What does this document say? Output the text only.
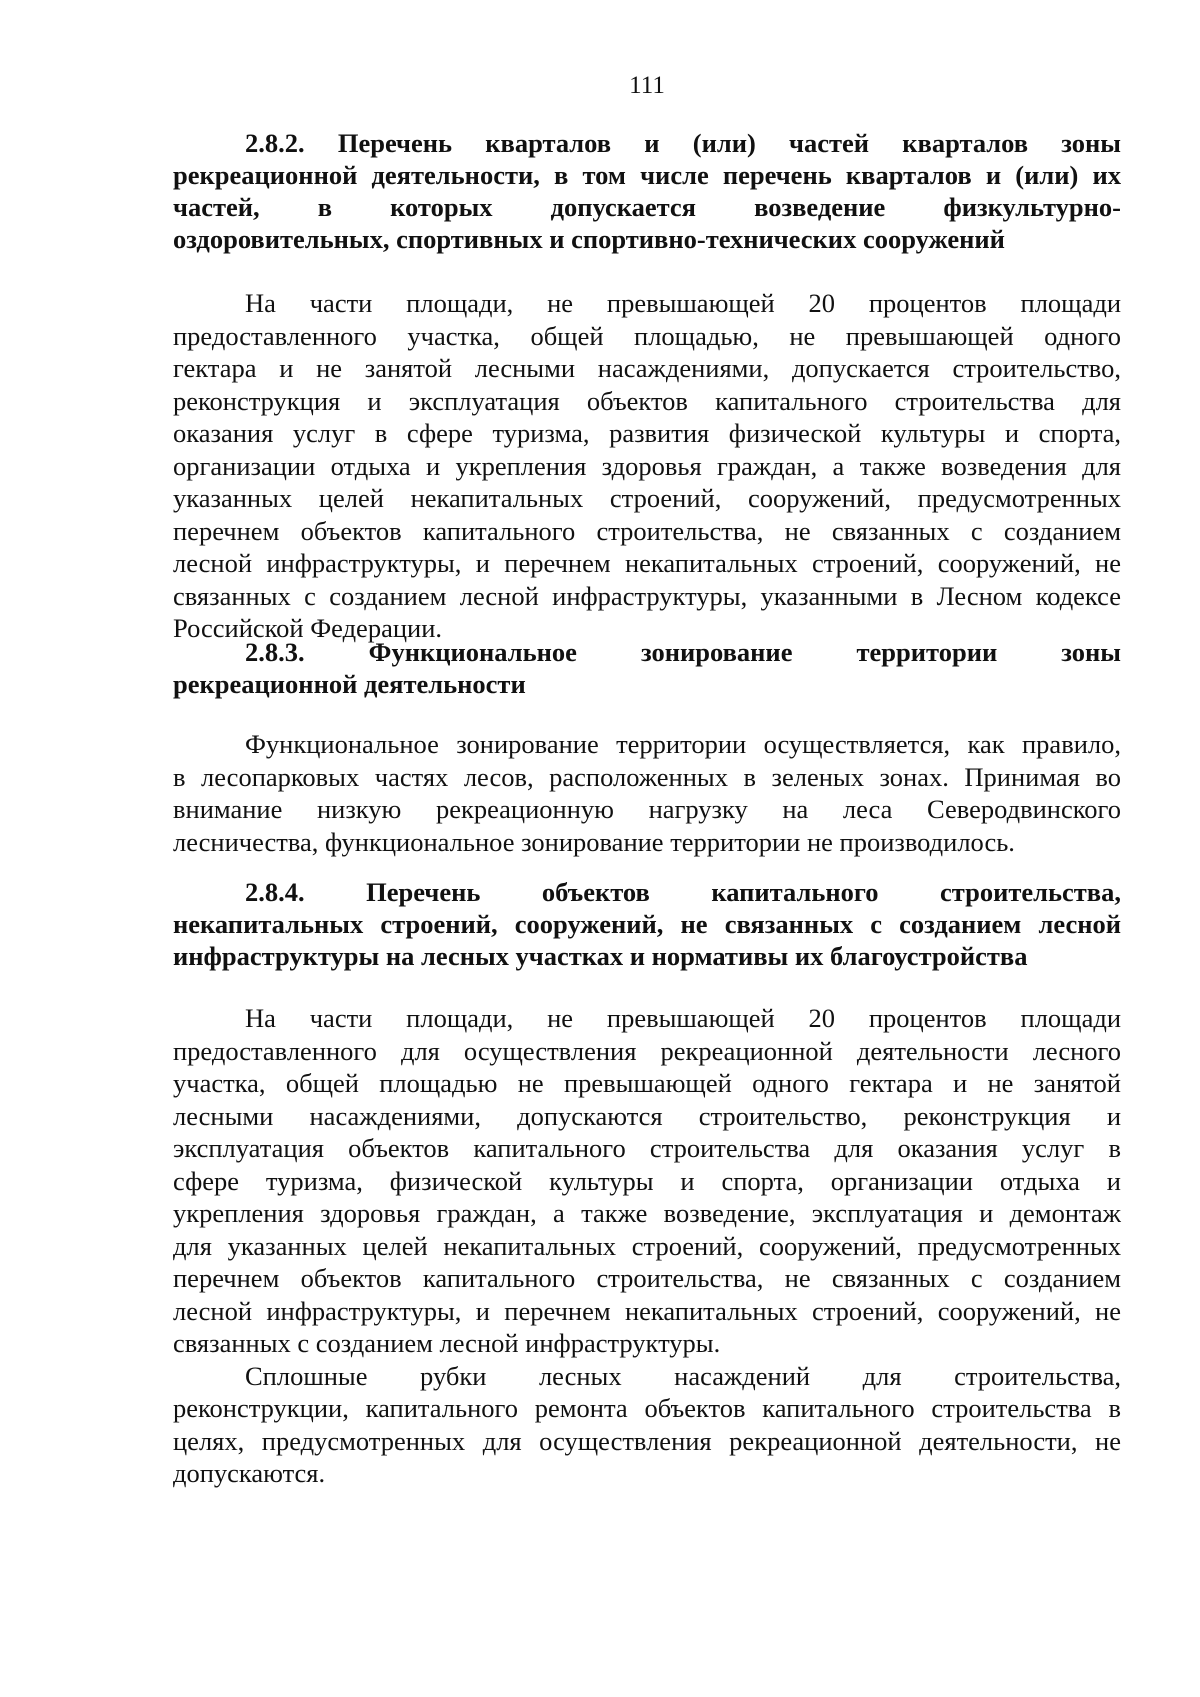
111
2.8.2. Перечень кварталов и (или) частей кварталов зоны
рекреационной деятельности, в том числе перечень кварталов и (или) их
частей, в которых допускается возведение физкультурно-
оздоровительных, спортивных и спортивно-технических сооружений
На части площади, не превышающей 20 процентов площади
предоставленного участка, общей площадью, не превышающей одного
гектара и не занятой лесными насаждениями, допускается строительство,
реконструкция и эксплуатация объектов капитального строительства для
оказания услуг в сфере туризма, развития физической культуры и спорта,
организации отдыха и укрепления здоровья граждан, а также возведения для
указанных целей некапитальных строений, сооружений, предусмотренных
перечнем объектов капитального строительства, не связанных с созданием
лесной инфраструктуры, и перечнем некапитальных строений, сооружений, не
связанных с созданием лесной инфраструктуры, указанными в Лесном кодексе
Российской Федерации.
2.8.3. Функциональное зонирование территории зоны
рекреационной деятельности
Функциональное зонирование территории осуществляется, как правило,
в лесопарковых частях лесов, расположенных в зеленых зонах. Принимая во
внимание низкую рекреационную нагрузку на леса Северодвинского
лесничества, функциональное зонирование территории не производилось.
2.8.4. Перечень объектов капитального строительства,
некапитальных строений, сооружений, не связанных с созданием лесной
инфраструктуры на лесных участках и нормативы их благоустройства
На части площади, не превышающей 20 процентов площади
предоставленного для осуществления рекреационной деятельности лесного
участка, общей площадью не превышающей одного гектара и не занятой
лесными насаждениями, допускаются строительство, реконструкция и
эксплуатация объектов капитального строительства для оказания услуг в
сфере туризма, физической культуры и спорта, организации отдыха и
укрепления здоровья граждан, а также возведение, эксплуатация и демонтаж
для указанных целей некапитальных строений, сооружений, предусмотренных
перечнем объектов капитального строительства, не связанных с созданием
лесной инфраструктуры, и перечнем некапитальных строений, сооружений, не
связанных с созданием лесной инфраструктуры.
Сплошные рубки лесных насаждений для строительства,
реконструкции, капитального ремонта объектов капитального строительства в
целях, предусмотренных для осуществления рекреационной деятельности, не
допускаются.
